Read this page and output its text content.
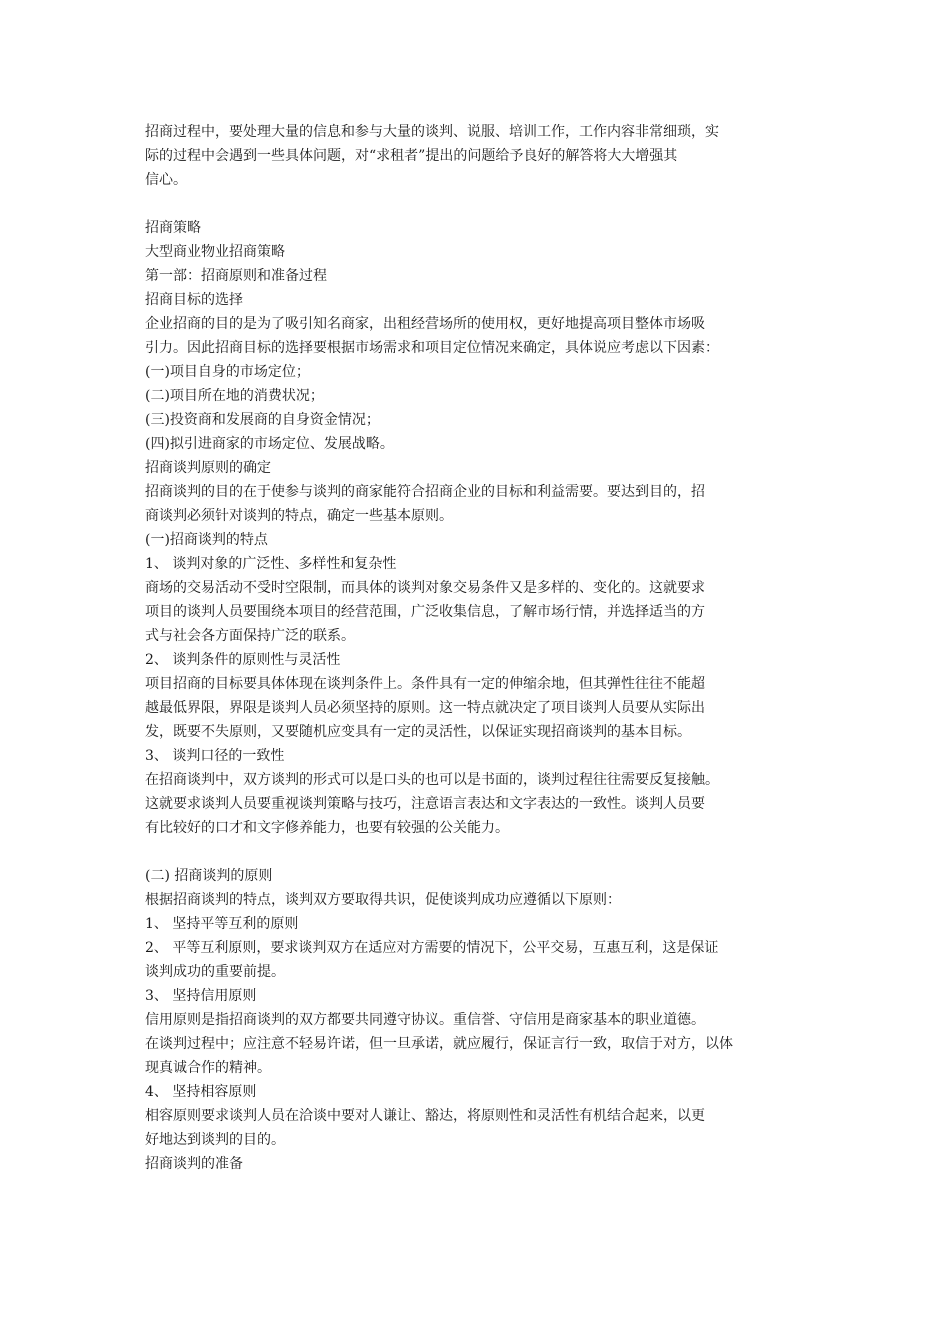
招商过程中，要处理大量的信息和参与大量的谈判、说服、培训工作，工作内容非常细琐，实

际的过程中会遇到一些具体问题，对“求租者”提出的问题给予良好的解答将大大增强其

信心。

招商策略

大型商业物业招商策略

第一部：招商原则和准备过程

招商目标的选择

企业招商的目的是为了吸引知名商家，出租经营场所的使用权，更好地提高项目整体市场吸

引力。因此招商目标的选择要根据市场需求和项目定位情况来确定，具体说应考虑以下因素：

(一)项目自身的市场定位；

(二)项目所在地的消费状况；

(三)投资商和发展商的自身资金情况；

(四)拟引进商家的市场定位、发展战略。

招商谈判原则的确定

招商谈判的目的在于使参与谈判的商家能符合招商企业的目标和利益需要。要达到目的，招

商谈判必须针对谈判的特点，确定一些基本原则。

(一)招商谈判的特点

1、 谈判对象的广泛性、多样性和复杂性

商场的交易活动不受时空限制，而具体的谈判对象交易条件又是多样的、变化的。这就要求

项目的谈判人员要围绕本项目的经营范围，广泛收集信息，了解市场行情，并选择适当的方

式与社会各方面保持广泛的联系。

2、 谈判条件的原则性与灵活性

项目招商的目标要具体体现在谈判条件上。条件具有一定的伸缩余地，但其弹性往往不能超

越最低界限，界限是谈判人员必须坚持的原则。这一特点就决定了项目谈判人员要从实际出

发，既要不失原则，又要随机应变具有一定的灵活性，以保证实现招商谈判的基本目标。

3、 谈判口径的一致性

在招商谈判中，双方谈判的形式可以是口头的也可以是书面的，谈判过程往往需要反复接触。

这就要求谈判人员要重视谈判策略与技巧，注意语言表达和文字表达的一致性。谈判人员要

有比较好的口才和文字修养能力，也要有较强的公关能力。

(二) 招商谈判的原则

根据招商谈判的特点，谈判双方要取得共识，促使谈判成功应遵循以下原则：

1、 坚持平等互利的原则

2、 平等互利原则，要求谈判双方在适应对方需要的情况下，公平交易，互惠互利，这是保证

谈判成功的重要前提。

3、 坚持信用原则

信用原则是指招商谈判的双方都要共同遵守协议。重信誉、守信用是商家基本的职业道德。

在谈判过程中；应注意不轻易许诺，但一旦承诺，就应履行，保证言行一致，取信于对方，以体

现真诚合作的精神。

4、 坚持相容原则

相容原则要求谈判人员在洽谈中要对人谦让、豁达，将原则性和灵活性有机结合起来，以更

好地达到谈判的目的。

招商谈判的准备
